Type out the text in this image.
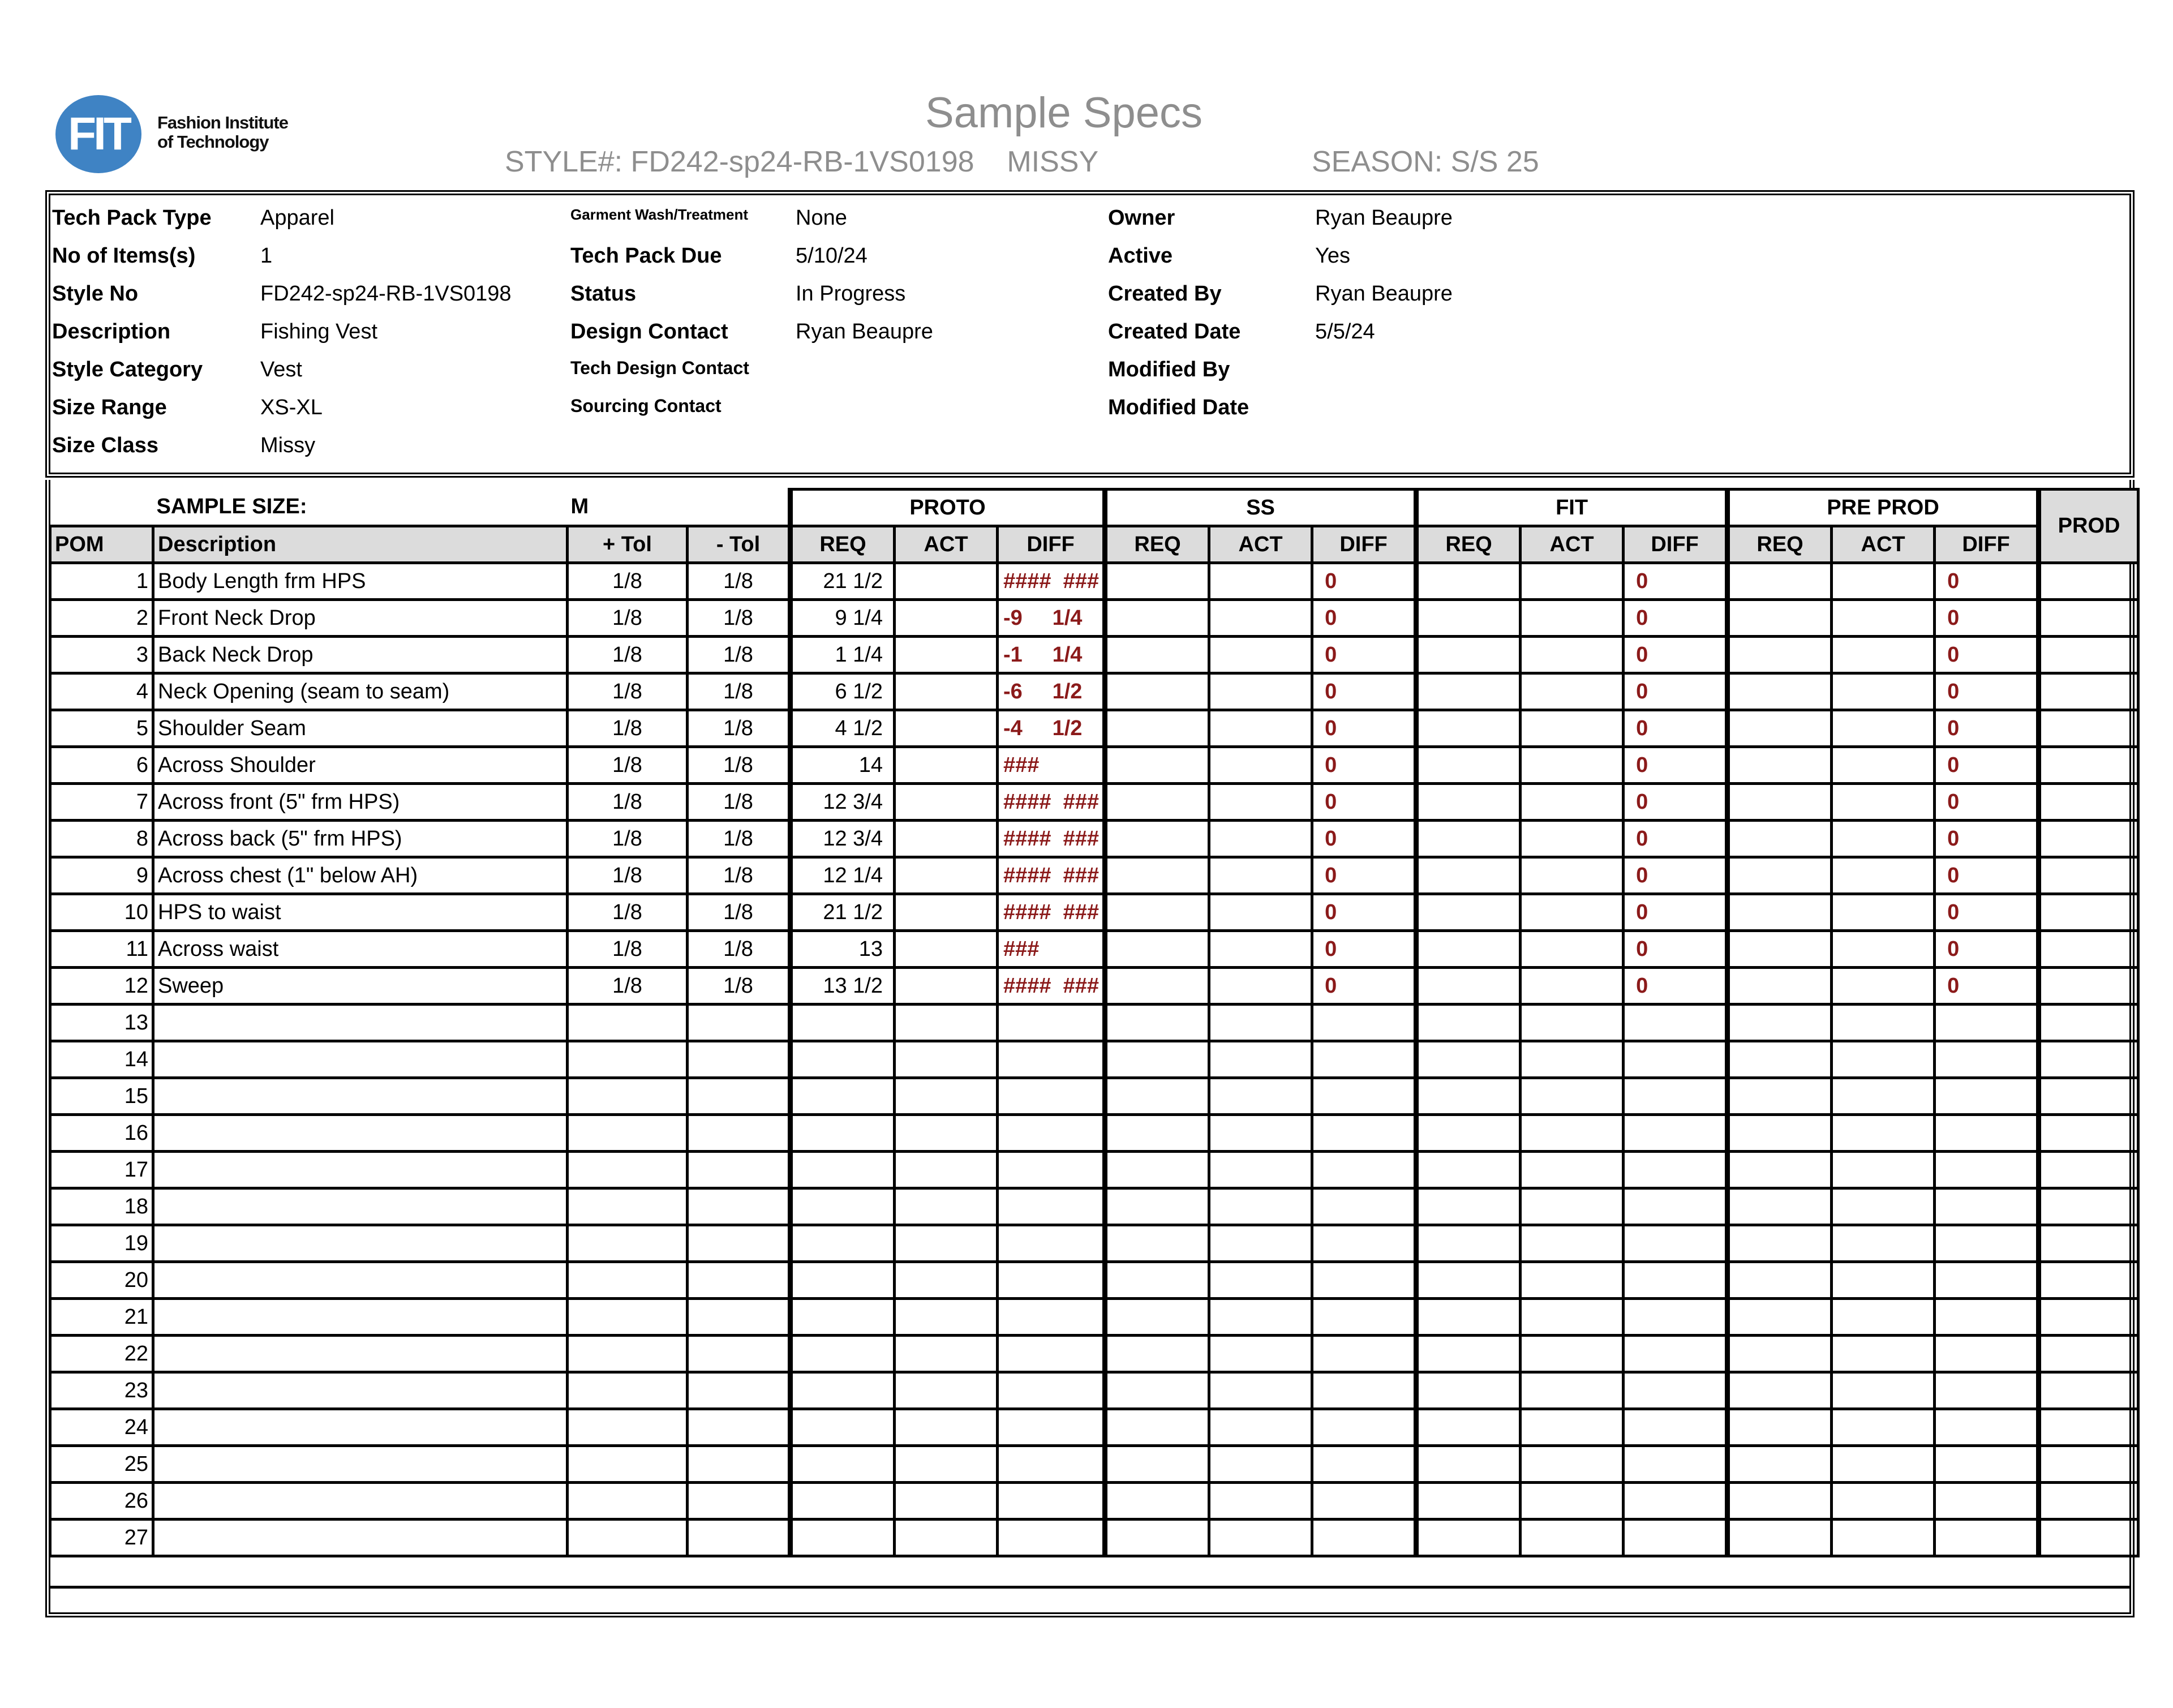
FIT Fashion Institute
of Technology
Sample Specs
STYLE#: FD242-sp24-RB-1VS0198    MISSY	SEASON: S/S 25
Tech Pack Type Apparel
No of Items(s)	1
Style No	FD242-sp24-RB-1VS0198
Description	Fishing Vest
Style Category	Vest
Size Range	XS-XL
Size Class	Missy
Garment Wash/Treatment None
Tech Pack Due	5/10/24
Status	In Progress
Design Contact	Ryan Beaupre
Tech Design Contact
Sourcing Contact
Owner	Ryan Beaupre
Active	Yes
Created By	Ryan Beaupre
Created Date	5/5/24
Modified By
Modified Date
	SAMPLE SIZE:	M		PROTO			SS			FIT			PRE PROD			PROD
POM	Description	+ Tol	- Tol	REQ	ACT	DIFF	REQ	ACT	DIFF	REQ	ACT	DIFF	REQ	ACT	DIFF	
1	Body Length frm HPS	1/8	1/8	21 1/2		####  ###			0			0			0	
2	Front Neck Drop	1/8	1/8	9 1/4		-9     1/4			0			0			0	
3	Back Neck Drop	1/8	1/8	1 1/4		-1     1/4			0			0			0	
4	Neck Opening (seam to seam)	1/8	1/8	6 1/2		-6     1/2			0			0			0	
5	Shoulder Seam	1/8	1/8	4 1/2		-4     1/2			0			0			0	
6	Across Shoulder	1/8	1/8	14		###			0			0			0	
7	Across front (5" frm HPS)	1/8	1/8	12 3/4		####  ###			0			0			0	
8	Across back (5" frm HPS)	1/8	1/8	12 3/4		####  ###			0			0			0	
9	Across chest (1" below AH)	1/8	1/8	12 1/4		####  ###			0			0			0	
10	HPS to waist	1/8	1/8	21 1/2		####  ###			0			0			0	
11	Across waist	1/8	1/8	13		###			0			0			0	
12	Sweep	1/8	1/8	13 1/2		####  ###			0			0			0	
13																
14																
15																
16																
17																
18																
19																
20																
21																
22																
23																
24																
25																
26																
27																
